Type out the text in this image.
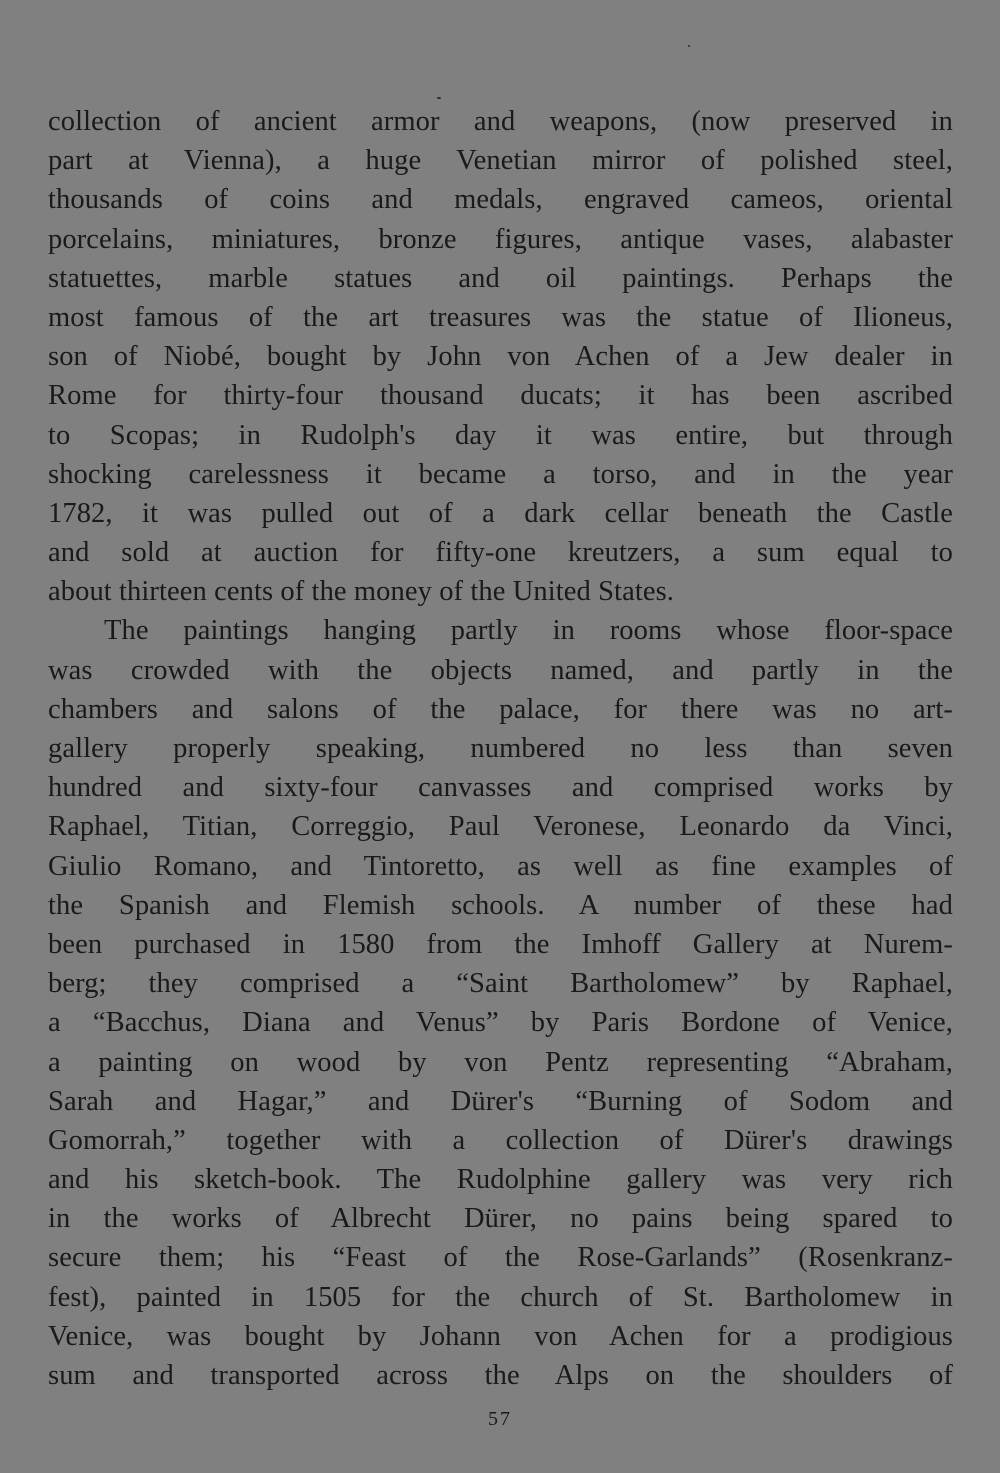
collection of ancient armor and weapons, (now preserved in
part at Vienna), a huge Venetian mirror of polished steel,
thousands of coins and medals, engraved cameos, oriental
porcelains, miniatures, bronze figures, antique vases, alabaster
statuettes, marble statues and oil paintings. Perhaps the
most famous of the art treasures was the statue of Ilioneus,
son of Niobé, bought by John von Achen of a Jew dealer in
Rome for thirty-four thousand ducats; it has been ascribed
to Scopas; in Rudolph's day it was entire, but through
shocking carelessness it became a torso, and in the year
1782, it was pulled out of a dark cellar beneath the Castle
and sold at auction for fifty-one kreutzers, a sum equal to
about thirteen cents of the money of the United States.
The paintings hanging partly in rooms whose floor-space
was crowded with the objects named, and partly in the
chambers and salons of the palace, for there was no art-
gallery properly speaking, numbered no less than seven
hundred and sixty-four canvasses and comprised works by
Raphael, Titian, Correggio, Paul Veronese, Leonardo da Vinci,
Giulio Romano, and Tintoretto, as well as fine examples of
the Spanish and Flemish schools. A number of these had
been purchased in 1580 from the Imhoff Gallery at Nurem-
berg; they comprised a “Saint Bartholomew” by Raphael,
a “Bacchus, Diana and Venus” by Paris Bordone of Venice,
a painting on wood by von Pentz representing “Abraham,
Sarah and Hagar,” and Dürer's “Burning of Sodom and
Gomorrah,” together with a collection of Dürer's drawings
and his sketch-book. The Rudolphine gallery was very rich
in the works of Albrecht Dürer, no pains being spared to
secure them; his “Feast of the Rose-Garlands” (Rosenkranz-
fest), painted in 1505 for the church of St. Bartholomew in
Venice, was bought by Johann von Achen for a prodigious
sum and transported across the Alps on the shoulders of
57
